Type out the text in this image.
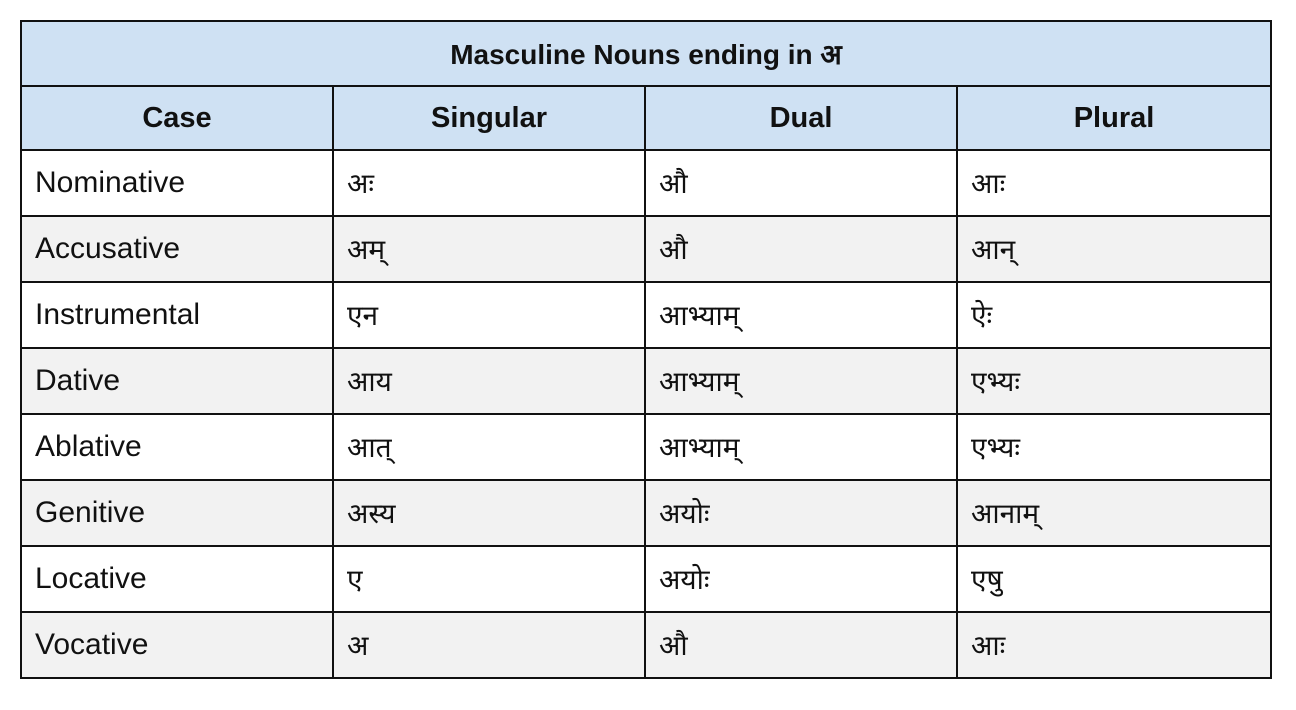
Masculine Nouns ending in अ			
Case	Singular	Dual	Plural
Nominative	अः	औ	आः
Accusative	अम्	औ	आन्
Instrumental	एन	आभ्याम्	ऐः
Dative	आय	आभ्याम्	एभ्यः
Ablative	आत्	आभ्याम्	एभ्यः
Genitive	अस्य	अयोः	आनाम्
Locative	ए	अयोः	एषु
Vocative	अ	औ	आः
